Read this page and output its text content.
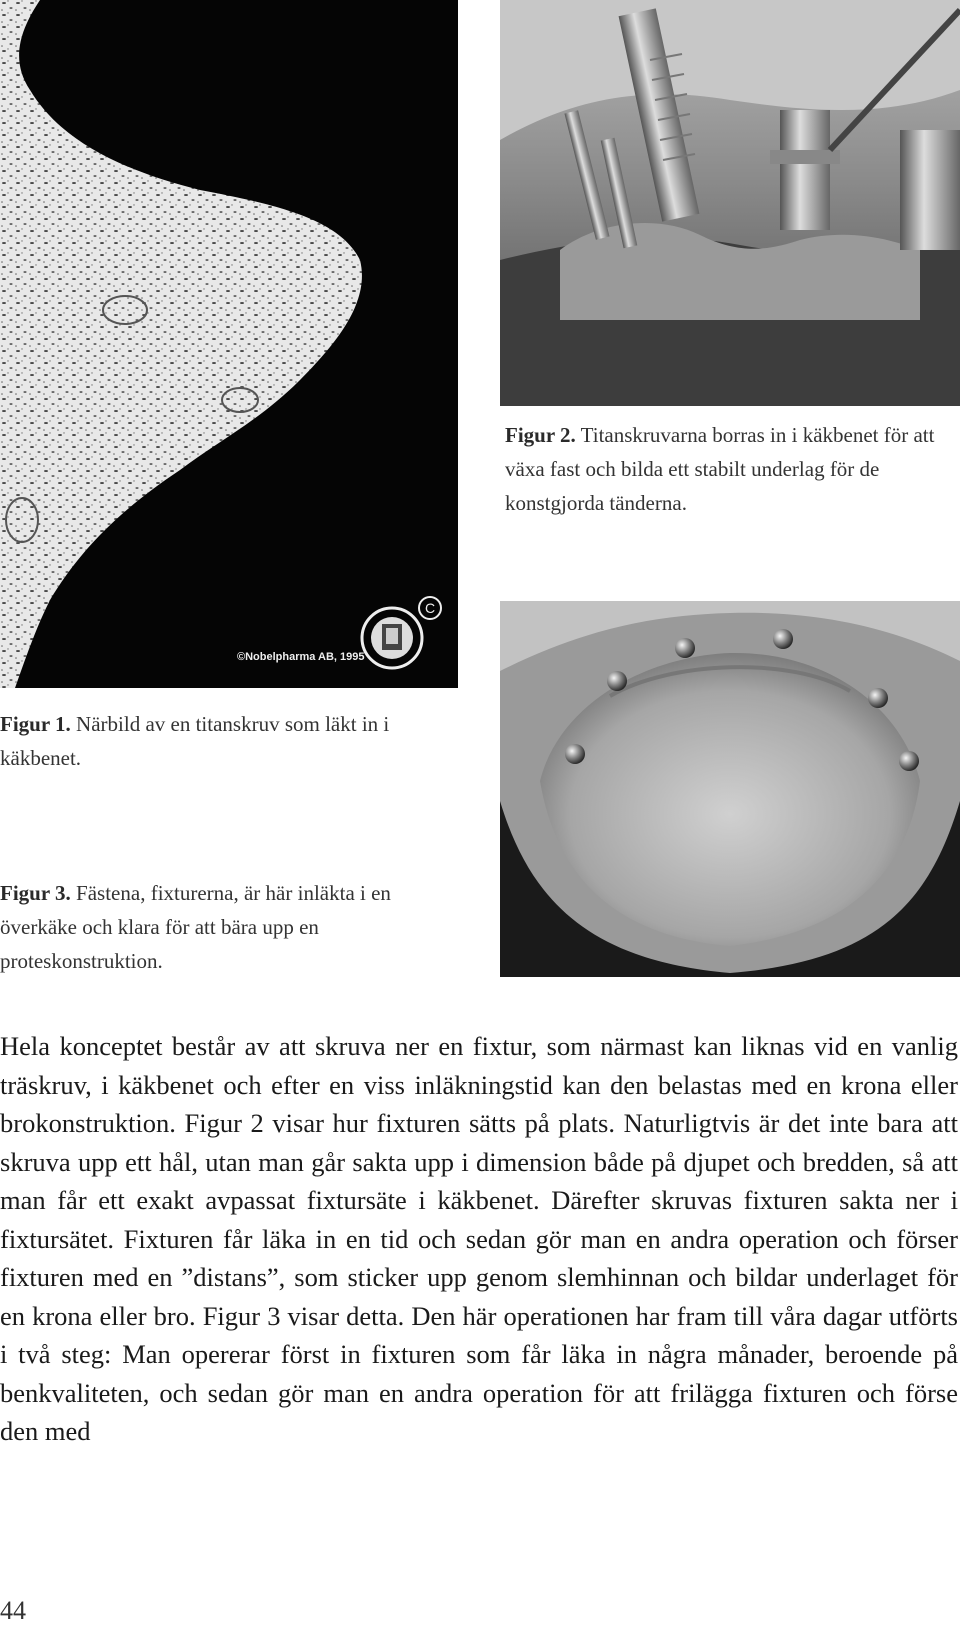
C
©Nobelpharma AB, 1995
Figur 2. Titanskruvarna borras in i käkbenet för att växa fast och bilda ett stabilt underlag för de konstgjorda tänderna.
Figur 1. Närbild av en titanskruv som läkt in i käkbenet.
Figur 3. Fästena, fixturerna, är här inläkta i en överkäke och klara för att bära upp en proteskonstruktion.

Hela konceptet består av att skruva ner en fixtur, som närmast kan liknas vid en vanlig träskruv, i käkbenet och efter en viss inläkningstid kan den belastas med en krona eller brokonstruktion. Figur 2 visar hur fixturen sätts på plats. Naturligtvis är det inte bara att skruva upp ett hål, utan man går sakta upp i dimension både på djupet och bredden, så att man får ett exakt avpassat fixtursäte i käkbenet. Därefter skruvas fixturen sakta ner i fixtursätet. Fixturen får läka in en tid och sedan gör man en andra operation och förser fixturen med en ”distans”, som sticker upp genom slemhinnan och bildar underlaget för en krona eller bro. Figur 3 visar detta. Den här operationen har fram till våra dagar utförts i två steg: Man opererar först in fixturen som får läka in några månader, beroende på benkvaliteten, och sedan gör man en andra operation för att frilägga fixturen och förse den med

44
